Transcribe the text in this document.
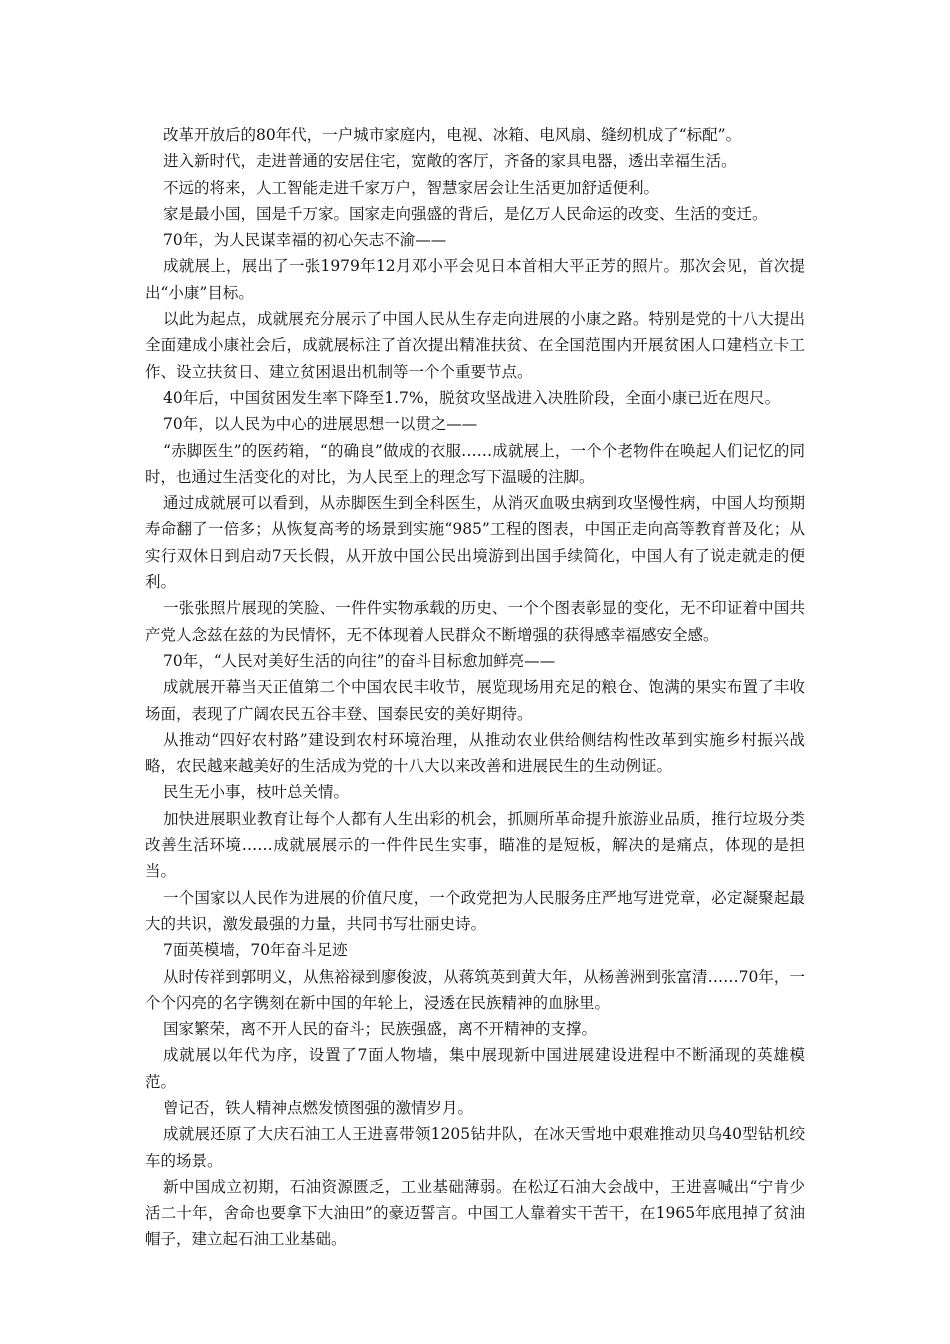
改革开放后的80年代，一户城市家庭内，电视、冰箱、电风扇、缝纫机成了“标配”。

进入新时代，走进普通的安居住宅，宽敞的客厅，齐备的家具电器，透出幸福生活。

不远的将来，人工智能走进千家万户，智慧家居会让生活更加舒适便利。

家是最小国，国是千万家。国家走向强盛的背后，是亿万人民命运的改变、生活的变迁。

70年，为人民谋幸福的初心矢志不渝——

成就展上，展出了一张1979年12月邓小平会见日本首相大平正芳的照片。那次会见，首次提出“小康”目标。

以此为起点，成就展充分展示了中国人民从生存走向进展的小康之路。特别是党的十八大提出全面建成小康社会后，成就展标注了首次提出精准扶贫、在全国范围内开展贫困人口建档立卡工作、设立扶贫日、建立贫困退出机制等一个个重要节点。

40年后，中国贫困发生率下降至1.7%，脱贫攻坚战进入决胜阶段，全面小康已近在咫尺。

70年，以人民为中心的进展思想一以贯之——

“赤脚医生”的医药箱，“的确良”做成的衣服……成就展上，一个个老物件在唤起人们记忆的同时，也通过生活变化的对比，为人民至上的理念写下温暖的注脚。

通过成就展可以看到，从赤脚医生到全科医生，从消灭血吸虫病到攻坚慢性病，中国人均预期寿命翻了一倍多；从恢复高考的场景到实施“985”工程的图表，中国正走向高等教育普及化；从实行双休日到启动7天长假，从开放中国公民出境游到出国手续简化，中国人有了说走就走的便利。

一张张照片展现的笑脸、一件件实物承载的历史、一个个图表彰显的变化，无不印证着中国共产党人念兹在兹的为民情怀，无不体现着人民群众不断增强的获得感幸福感安全感。

70年，“人民对美好生活的向往”的奋斗目标愈加鲜亮——

成就展开幕当天正值第二个中国农民丰收节，展览现场用充足的粮仓、饱满的果实布置了丰收场面，表现了广阔农民五谷丰登、国泰民安的美好期待。

从推动“四好农村路”建设到农村环境治理，从推动农业供给侧结构性改革到实施乡村振兴战略，农民越来越美好的生活成为党的十八大以来改善和进展民生的生动例证。

民生无小事，枝叶总关情。

加快进展职业教育让每个人都有人生出彩的机会，抓厕所革命提升旅游业品质，推行垃圾分类改善生活环境……成就展展示的一件件民生实事，瞄准的是短板，解决的是痛点，体现的是担当。

一个国家以人民作为进展的价值尺度，一个政党把为人民服务庄严地写进党章，必定凝聚起最大的共识，激发最强的力量，共同书写壮丽史诗。

7面英模墙，70年奋斗足迹

从时传祥到郭明义，从焦裕禄到廖俊波，从蒋筑英到黄大年，从杨善洲到张富清……70年，一个个闪亮的名字镌刻在新中国的年轮上，浸透在民族精神的血脉里。

国家繁荣，离不开人民的奋斗；民族强盛，离不开精神的支撑。

成就展以年代为序，设置了7面人物墙，集中展现新中国进展建设进程中不断涌现的英雄模范。

曾记否，铁人精神点燃发愤图强的激情岁月。

成就展还原了大庆石油工人王进喜带领1205钻井队，在冰天雪地中艰难推动贝乌40型钻机绞车的场景。

新中国成立初期，石油资源匮乏，工业基础薄弱。在松辽石油大会战中，王进喜喊出“宁肯少活二十年，舍命也要拿下大油田”的豪迈誓言。中国工人靠着实干苦干，在1965年底甩掉了贫油帽子，建立起石油工业基础。
